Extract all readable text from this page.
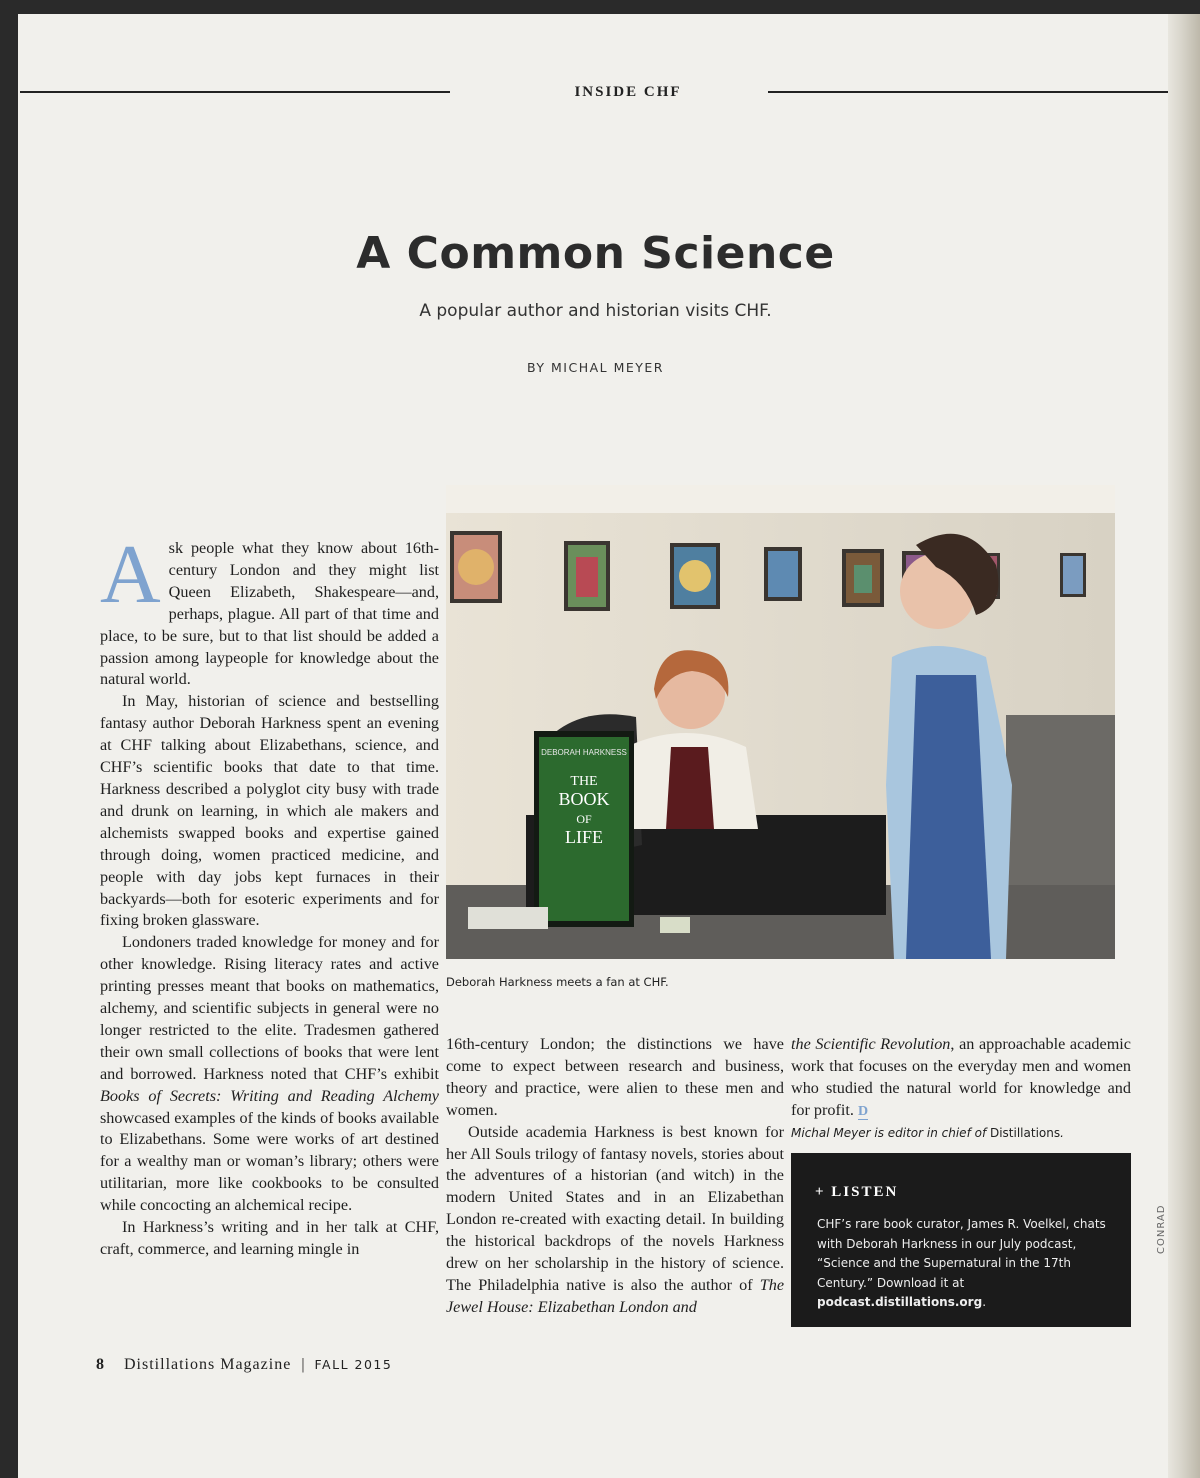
INSIDE CHF
A Common Science
A popular author and historian visits CHF.
BY MICHAL MEYER

Ask people what they know about 16th-century London and they might list Queen Elizabeth, Shakespeare—and, perhaps, plague. All part of that time and place, to be sure, but to that list should be added a passion among laypeople for knowledge about the natural world.

In May, historian of science and bestselling fantasy author Deborah Harkness spent an evening at CHF talking about Elizabethans, science, and CHF’s scientific books that date to that time. Harkness described a polyglot city busy with trade and drunk on learning, in which ale makers and alchemists swapped books and expertise gained through doing, women practiced medicine, and people with day jobs kept furnaces in their backyards—both for esoteric experiments and for fixing broken glassware.

Londoners traded knowledge for money and for other knowledge. Rising literacy rates and active printing presses meant that books on mathematics, alchemy, and scientific subjects in general were no longer restricted to the elite. Tradesmen gathered their own small collections of books that were lent and borrowed. Harkness noted that CHF’s exhibit Books of Secrets: Writing and Reading Alchemy showcased examples of the kinds of books available to Elizabethans. Some were works of art destined for a wealthy man or woman’s library; others were utilitarian, more like cookbooks to be consulted while concocting an alchemical recipe.

In Harkness’s writing and in her talk at CHF, craft, commerce, and learning mingle in

DEBORAH HARKNESS
THE
BOOK
OF
LIFE
Deborah Harkness meets a fan at CHF.

16th-century London; the distinctions we have come to expect between research and business, theory and practice, were alien to these men and women.

Outside academia Harkness is best known for her All Souls trilogy of fantasy novels, stories about the adventures of a historian (and witch) in the modern United States and in an Elizabethan London re-created with exacting detail. In building the historical backdrops of the novels Harkness drew on her scholarship in the history of science. The Philadelphia native is also the author of The Jewel House: Elizabethan London and

the Scientific Revolution, an approachable academic work that focuses on the everyday men and women who studied the natural world for knowledge and for profit. D

Michal Meyer is editor in chief of Distillations.

+ LISTEN
CHF’s rare book curator, James R. Voelkel, chats with Deborah Harkness in our July podcast, “Science and the Supernatural in the 17th Century.” Download it at podcast.distillations.org.
8 Distillations Magazine | FALL 2015
CONRAD
